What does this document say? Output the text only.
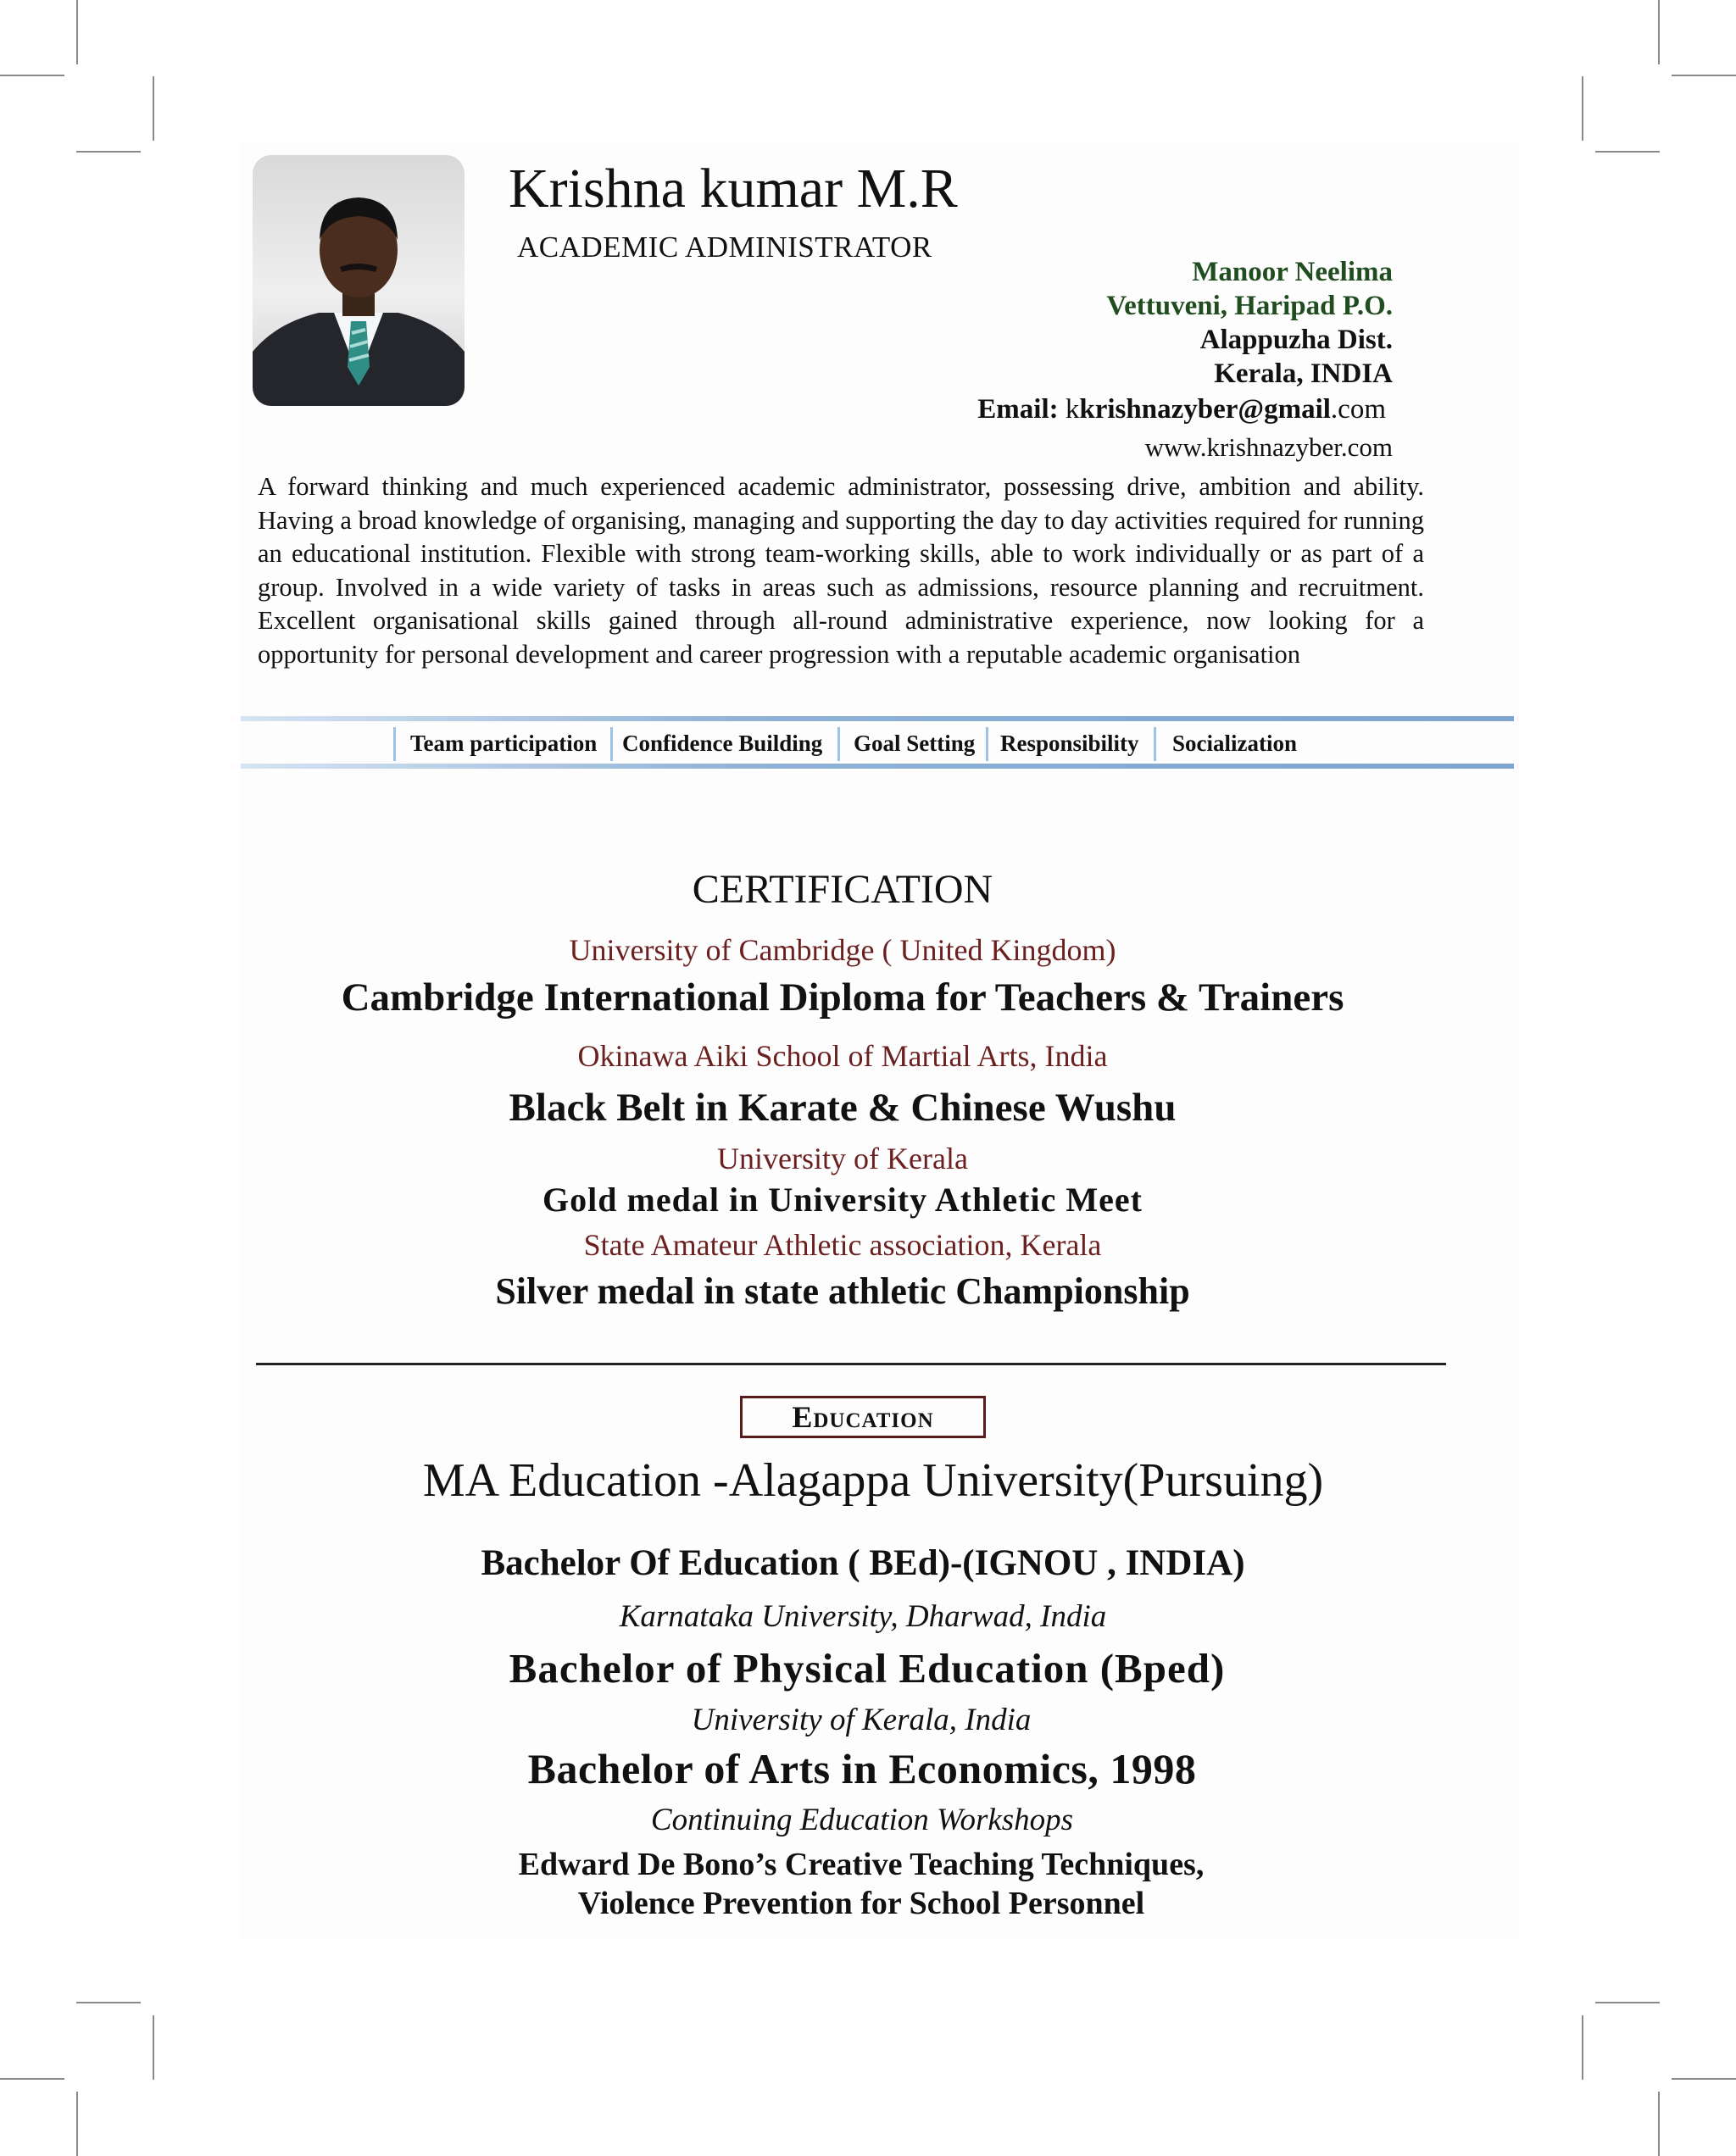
Krishna kumar M.R
ACADEMIC ADMINISTRATOR
Manoor Neelima
Vettuveni, Haripad P.O.
Alappuzha Dist.
Kerala, INDIA
Email: kkrishnazyber@gmail.com
www.krishnazyber.com
A forward thinking and much experienced academic administrator, possessing drive, ambition and ability. Having a broad knowledge of organising, managing and supporting the day to day activities required for running an educational institution. Flexible with strong team-working skills, able to work individually or as part of a group. Involved in a wide variety of tasks in areas such as admissions, resource planning and recruitment. Excellent organisational skills gained through all-round administrative experience, now looking for a opportunity for personal development and career progression with a reputable academic organisation
Team participation Confidence Building Goal Setting Responsibility Socialization
CERTIFICATION
University of Cambridge ( United Kingdom)
Cambridge International Diploma for Teachers & Trainers
Okinawa Aiki School of Martial Arts, India
Black Belt in Karate & Chinese Wushu
University of Kerala
Gold medal in University Athletic Meet
State Amateur Athletic association, Kerala
Silver medal in state athletic Championship
Education
MA Education -Alagappa University(Pursuing)
Bachelor Of Education ( BEd)-(IGNOU , INDIA)
Karnataka University, Dharwad, India
Bachelor of Physical Education (Bped)
University of Kerala, India
Bachelor of Arts in Economics, 1998
Continuing Education Workshops
Edward De Bono’s Creative Teaching Techniques,
Violence Prevention for School Personnel
